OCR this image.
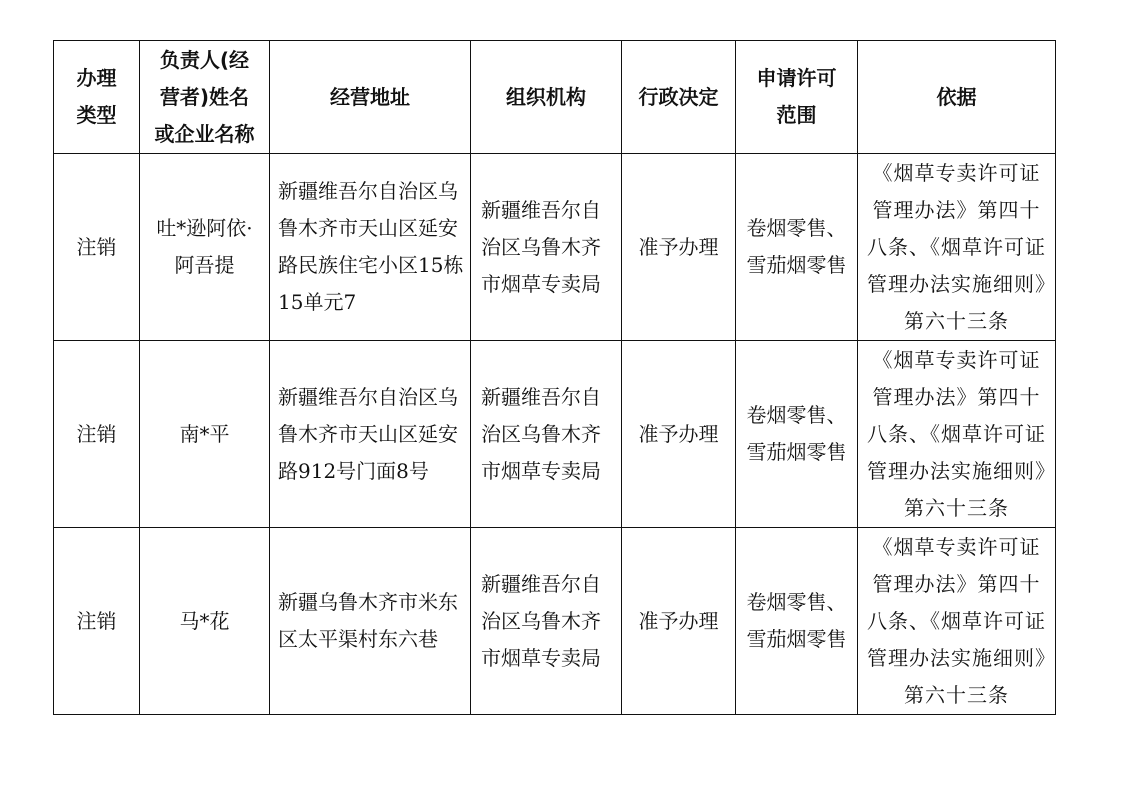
办理类型	负责人(经营者)姓名或企业名称	经营地址	组织机构	行政决定	申请许可范围	依据
注销	吐*逊阿依·阿吾提	新疆维吾尔自治区乌鲁木齐市天山区延安路民族住宅小区15栋15单元7	新疆维吾尔自治区乌鲁木齐市烟草专卖局	准予办理	卷烟零售、雪茄烟零售	《烟草专卖许可证管理办法》第四十八条、《烟草许可证管理办法实施细则》第六十三条
注销	南*平	新疆维吾尔自治区乌鲁木齐市天山区延安路912号门面8号	新疆维吾尔自治区乌鲁木齐市烟草专卖局	准予办理	卷烟零售、雪茄烟零售	《烟草专卖许可证管理办法》第四十八条、《烟草许可证管理办法实施细则》第六十三条
注销	马*花	新疆乌鲁木齐市米东区太平渠村东六巷	新疆维吾尔自治区乌鲁木齐市烟草专卖局	准予办理	卷烟零售、雪茄烟零售	《烟草专卖许可证管理办法》第四十八条、《烟草许可证管理办法实施细则》第六十三条
